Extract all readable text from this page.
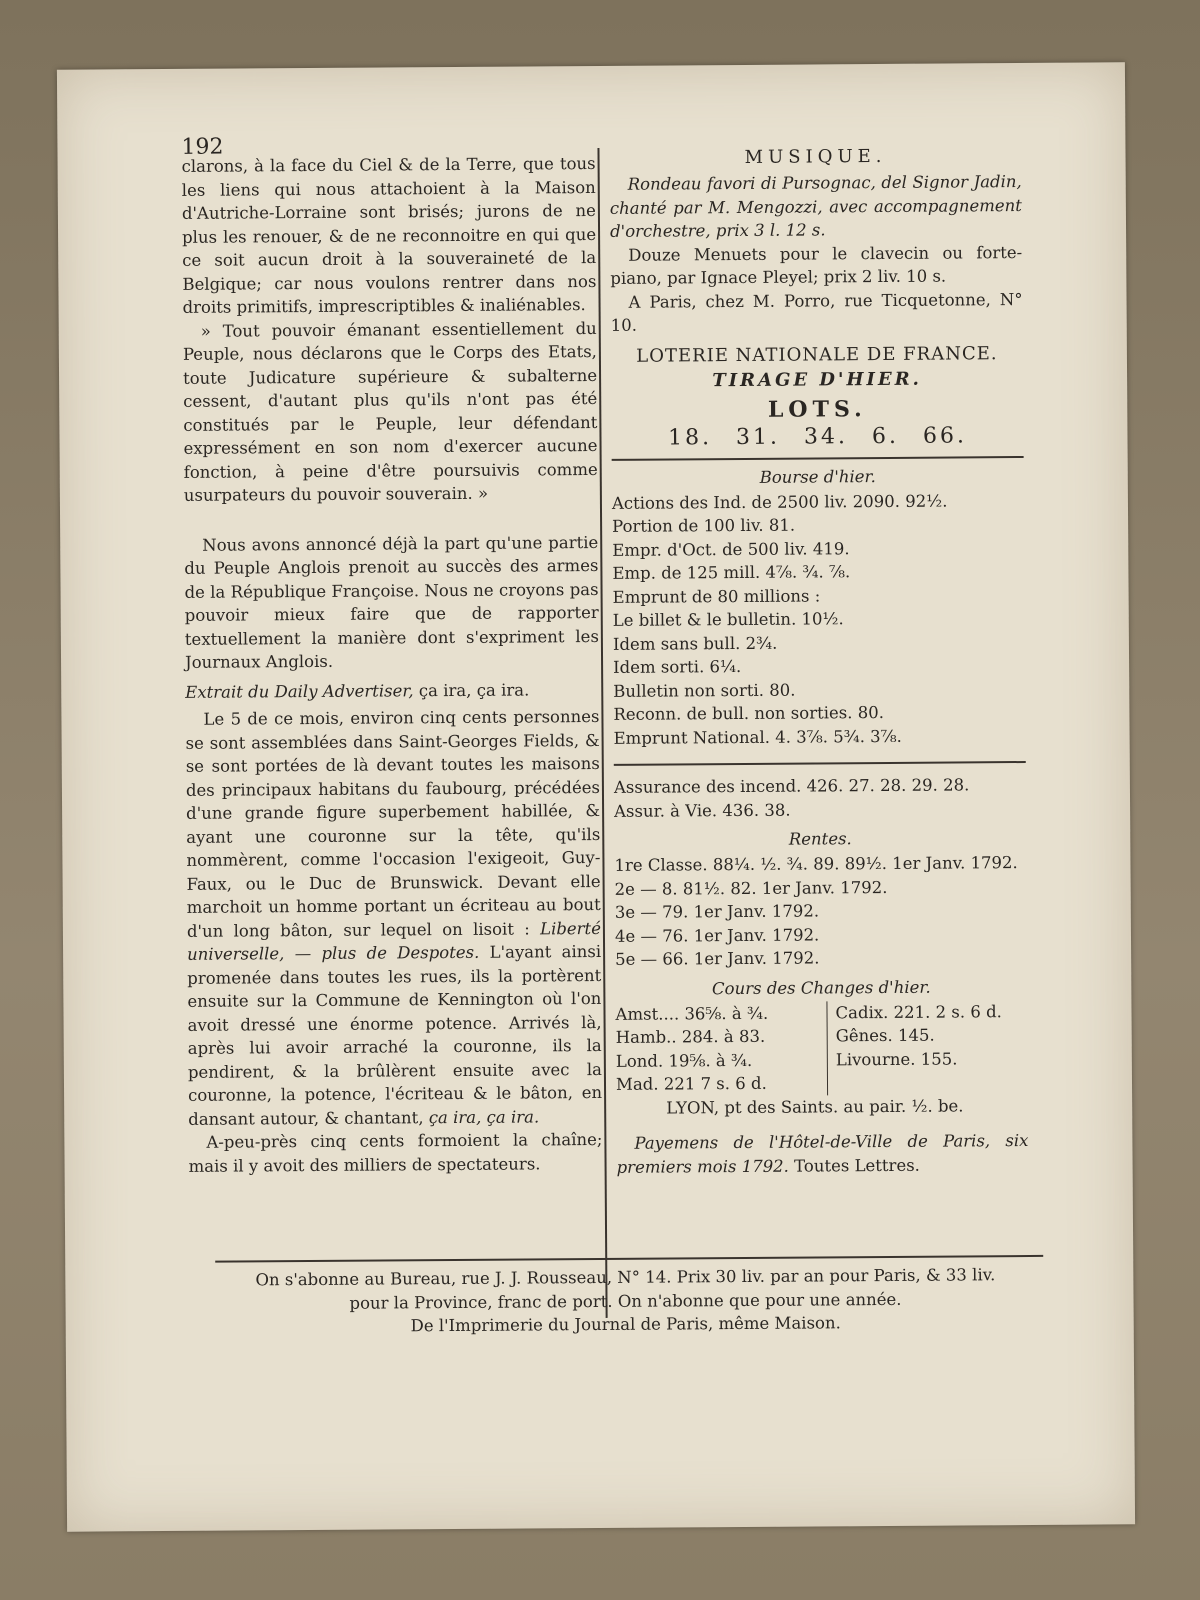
192

clarons, à la face du Ciel & de la Terre, que tous les liens qui nous attachoient à la Maison d'Autriche-Lorraine sont brisés; jurons de ne plus les renouer, & de ne reconnoitre en qui que ce soit aucun droit à la souveraineté de la Belgique; car nous voulons rentrer dans nos droits primitifs, imprescriptibles & inaliénables.

» Tout pouvoir émanant essentiellement du Peuple, nous déclarons que le Corps des Etats, toute Judicature supérieure & subalterne cessent, d'autant plus qu'ils n'ont pas été constitués par le Peuple, leur défendant expressément en son nom d'exercer aucune fonction, à peine d'être poursuivis comme usurpateurs du pouvoir souverain. »

Nous avons annoncé déjà la part qu'une partie du Peuple Anglois prenoit au succès des armes de la République Françoise. Nous ne croyons pas pouvoir mieux faire que de rapporter textuellement la manière dont s'expriment les Journaux Anglois.

Extrait du Daily Advertiser, ça ira, ça ira.

Le 5 de ce mois, environ cinq cents personnes se sont assemblées dans Saint-Georges Fields, & se sont portées de là devant toutes les maisons des principaux habitans du faubourg, précédées d'une grande figure superbement habillée, & ayant une couronne sur la tête, qu'ils nommèrent, comme l'occasion l'exigeoit, Guy-Faux, ou le Duc de Brunswick. Devant elle marchoit un homme portant un écriteau au bout d'un long bâton, sur lequel on lisoit : Liberté universelle, — plus de Despotes. L'ayant ainsi promenée dans toutes les rues, ils la portèrent ensuite sur la Commune de Kennington où l'on avoit dressé une énorme potence. Arrivés là, après lui avoir arraché la couronne, ils la pendirent, & la brûlèrent ensuite avec la couronne, la potence, l'écriteau & le bâton, en dansant autour, & chantant, ça ira, ça ira.

A-peu-près cinq cents formoient la chaîne; mais il y avoit des milliers de spectateurs.

MUSIQUE.

Rondeau favori di Pursognac, del Signor Jadin, chanté par M. Mengozzi, avec accompagnement d'orchestre, prix 3 l. 12 s.

Douze Menuets pour le clavecin ou forte-piano, par Ignace Pleyel; prix 2 liv. 10 s.

A Paris, chez M. Porro, rue Ticquetonne, N° 10.

LOTERIE NATIONALE DE FRANCE.
TIRAGE D'HIER.
LOTS.
18. 31. 34. 6. 66.
Bourse d'hier.
Actions des Ind. de 2500 liv. 2090. 92½.
Portion de 100 liv. 81.
Empr. d'Oct. de 500 liv. 419.
Emp. de 125 mill. 4⅞. ¾. ⅞.
Emprunt de 80 millions :
Le billet & le bulletin. 10½.
Idem sans bull. 2¾.
Idem sorti. 6¼.
Bulletin non sorti. 80.
Reconn. de bull. non sorties. 80.
Emprunt National. 4. 3⅞. 5¾. 3⅞.
Assurance des incend. 426. 27. 28. 29. 28.
Assur. à Vie. 436. 38.
Rentes.
1re Classe. 88¼. ½. ¾. 89. 89½. 1er Janv. 1792.
2e — 8. 81½. 82. 1er Janv. 1792.
3e — 79. 1er Janv. 1792.
4e — 76. 1er Janv. 1792.
5e — 66. 1er Janv. 1792.
Cours des Changes d'hier.
Amst.... 36⅝. à ¾.
Hamb.. 284. à 83.
Lond. 19⅝. à ¾.
Mad. 221 7 s. 6 d.
Cadix. 221. 2 s. 6 d.
Gênes. 145.
Livourne. 155.
LYON, pt des Saints. au pair. ½. be.

Payemens de l'Hôtel-de-Ville de Paris, six premiers mois 1792. Toutes Lettres.

On s'abonne au Bureau, rue J. J. Rousseau, N° 14. Prix 30 liv. par an pour Paris, & 33 liv.
pour la Province, franc de port. On n'abonne que pour une année.
De l'Imprimerie du Journal de Paris, même Maison.
